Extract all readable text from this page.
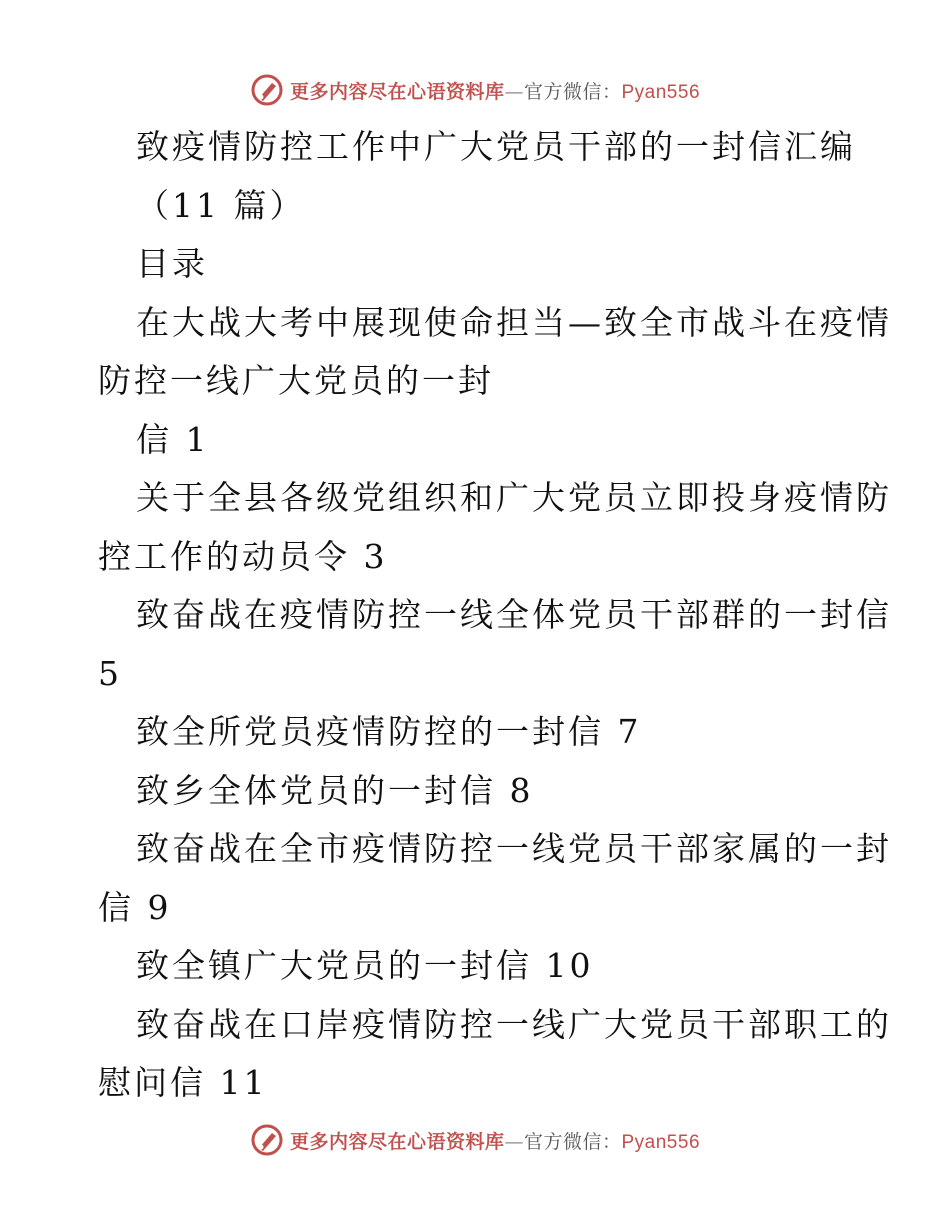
更多内容尽在心语资料库—官方微信：Pyan556
致疫情防控工作中广大党员干部的一封信汇编
（11 篇）
目录
在大战大考中展现使命担当—致全市战斗在疫情
防控一线广大党员的一封
信 1
关于全县各级党组织和广大党员立即投身疫情防
控工作的动员令 3
致奋战在疫情防控一线全体党员干部群的一封信
5
致全所党员疫情防控的一封信 7
致乡全体党员的一封信 8
致奋战在全市疫情防控一线党员干部家属的一封
信 9
致全镇广大党员的一封信 10
致奋战在口岸疫情防控一线广大党员干部职工的
慰问信 11
更多内容尽在心语资料库—官方微信：Pyan556
